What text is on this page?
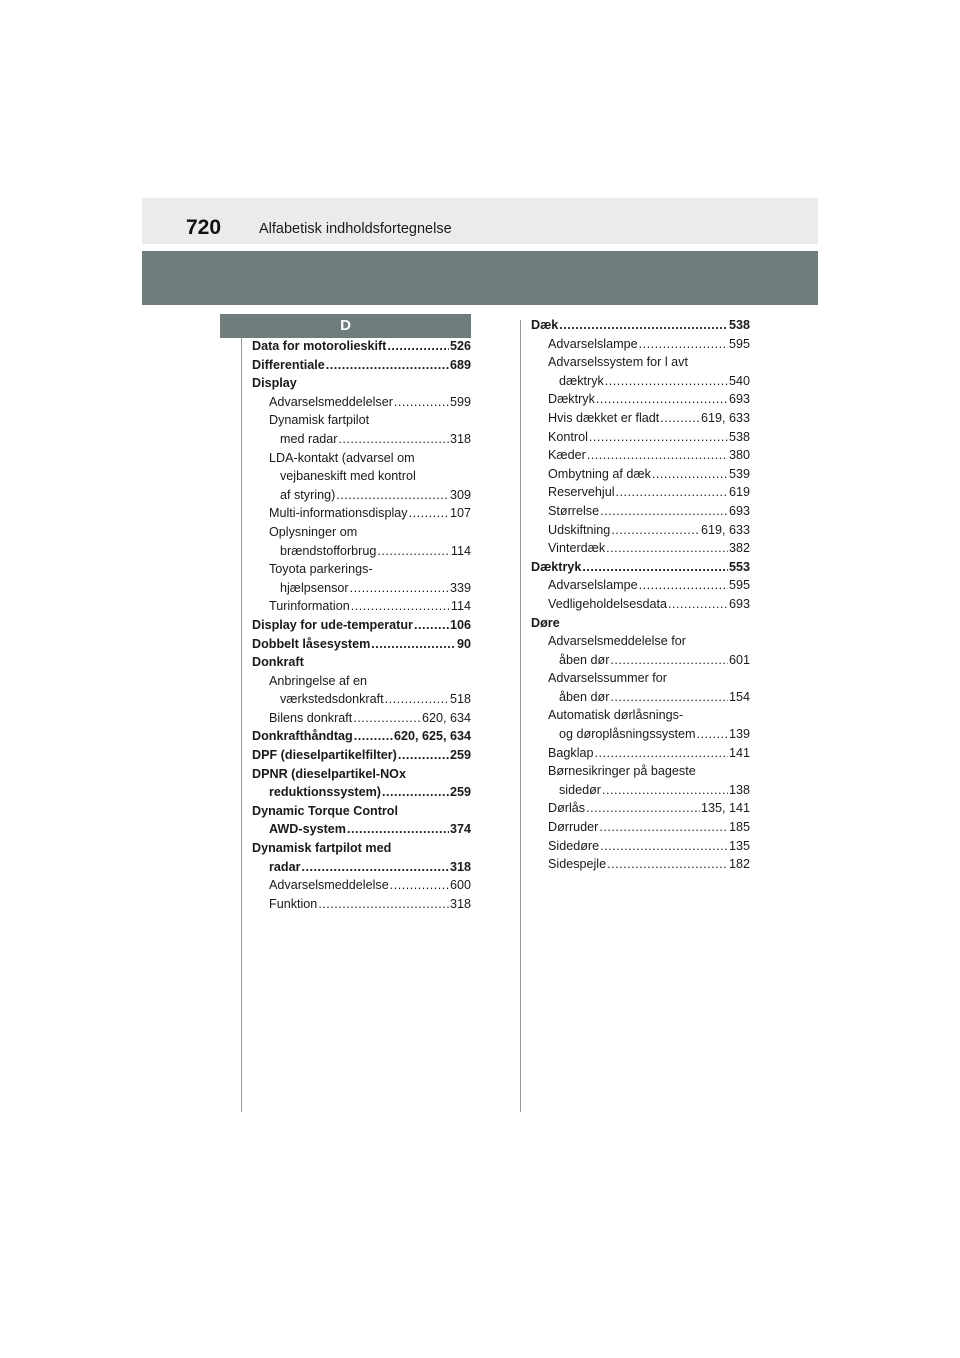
720	Alfabetisk indholdsfortegnelse
D
Data for motorolieskift .....	526
Differentiale .....	689
Display
Advarselsmeddelelser .....	599
Dynamisk fartpilot
med radar .....	318
LDA-kontakt (advarsel om
vejbaneskift med kontrol
af styring) .....	309
Multi-informationsdisplay .....	107
Oplysninger om
brændstofforbrug .....	114
Toyota parkerings-
hjælpsensor .....	339
Turinformation .....	114
Display for ude-temperatur .....	106
Dobbelt låsesystem .....	90
Donkraft
Anbringelse af en
værkstedsdonkraft .....	518
Bilens donkraft .....	620, 634
Donkrafthåndtag .....	620, 625, 634
DPF (dieselpartikelfilter) .....	259
DPNR (dieselpartikel-NOx
reduktionssystem) .....	259
Dynamic Torque Control
AWD-system .....	374
Dynamisk fartpilot med
radar .....	318
Advarselsmeddelelse .....	600
Funktion .....	318
Dæk .....	538
Advarselslampe .....	595
Advarselssystem for l avt
dæktryk .....	540
Dæktryk .....	693
Hvis dækket er fladt .....	619, 633
Kontrol .....	538
Kæder .....	380
Ombytning af dæk .....	539
Reservehjul .....	619
Størrelse .....	693
Udskiftning .....	619, 633
Vinterdæk .....	382
Dæktryk .....	553
Advarselslampe .....	595
Vedligeholdelsesdata .....	693
Døre
Advarselsmeddelelse for
åben dør .....	601
Advarselssummer for
åben dør .....	154
Automatisk dørlåsnings-
og døroplåsningssystem .....	139
Bagklap .....	141
Børnesikringer på bageste
sidedør .....	138
Dørlås .....	135, 141
Dørruder .....	185
Sidedøre .....	135
Sidespejle .....	182
